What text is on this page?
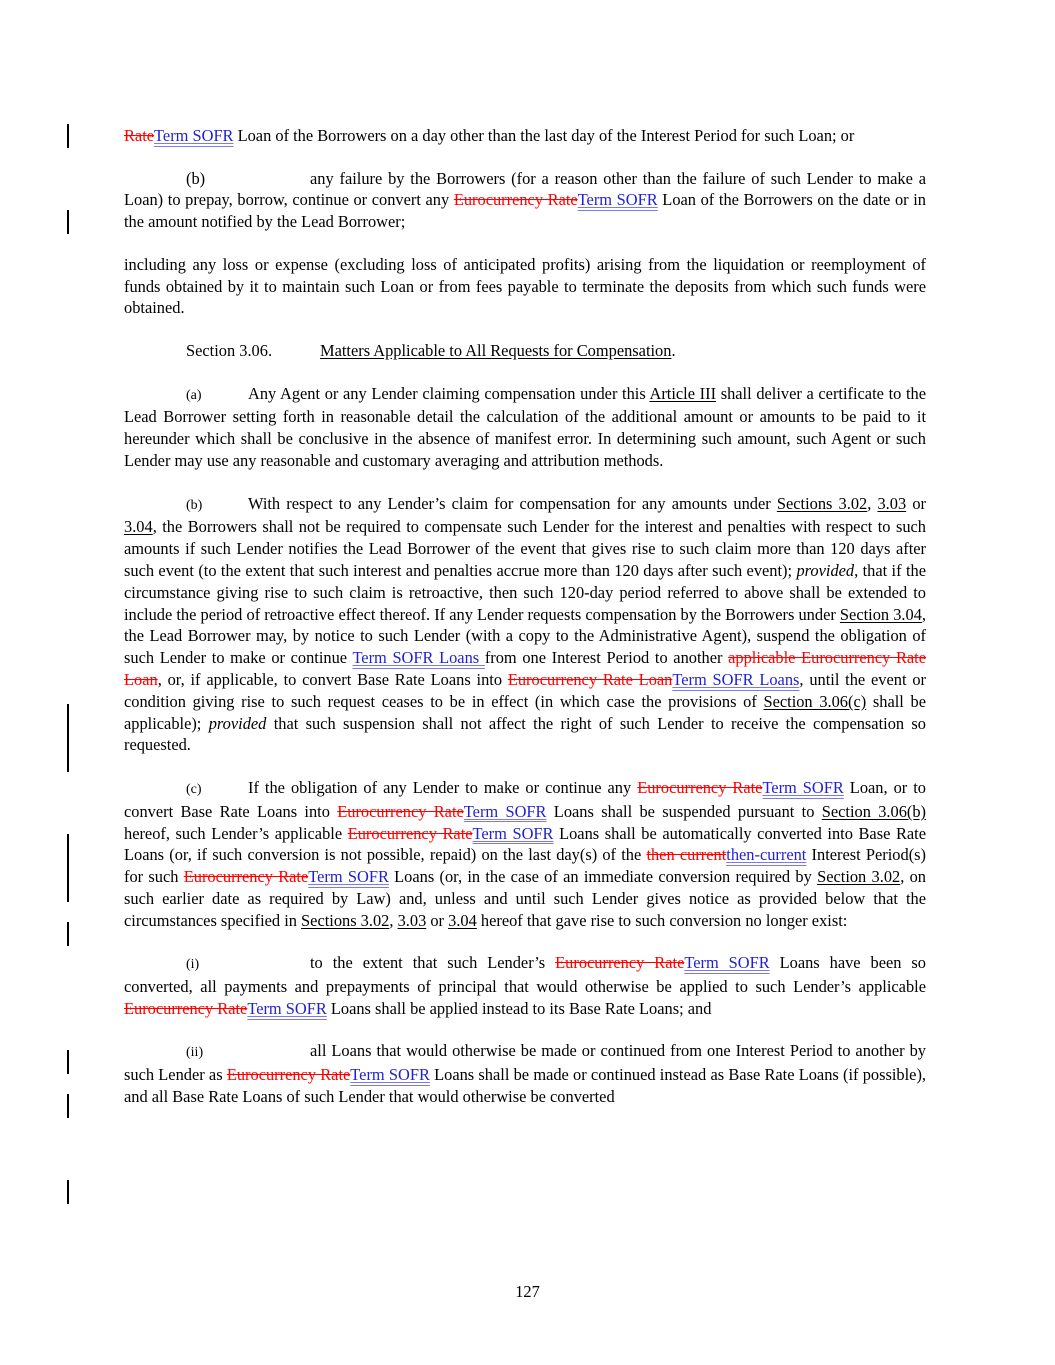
RateTerm SOFR Loan of the Borrowers on a day other than the last day of the Interest Period for such Loan; or

(b)	any failure by the Borrowers (for a reason other than the failure of such Lender to make a Loan) to prepay, borrow, continue or convert any Eurocurrency RateTerm SOFR Loan of the Borrowers on the date or in the amount notified by the Lead Borrower;

including any loss or expense (excluding loss of anticipated profits) arising from the liquidation or reemployment of funds obtained by it to maintain such Loan or from fees payable to terminate the deposits from which such funds were obtained.

Section 3.06.	Matters Applicable to All Requests for Compensation.

(a)	Any Agent or any Lender claiming compensation under this Article III shall deliver a certificate to the Lead Borrower setting forth in reasonable detail the calculation of the additional amount or amounts to be paid to it hereunder which shall be conclusive in the absence of manifest error. In determining such amount, such Agent or such Lender may use any reasonable and customary averaging and attribution methods.

(b)	With respect to any Lender’s claim for compensation for any amounts under Sections 3.02, 3.03 or 3.04, the Borrowers shall not be required to compensate such Lender for the interest and penalties with respect to such amounts if such Lender notifies the Lead Borrower of the event that gives rise to such claim more than 120 days after such event (to the extent that such interest and penalties accrue more than 120 days after such event); provided, that if the circumstance giving rise to such claim is retroactive, then such 120-day period referred to above shall be extended to include the period of retroactive effect thereof. If any Lender requests compensation by the Borrowers under Section 3.04, the Lead Borrower may, by notice to such Lender (with a copy to the Administrative Agent), suspend the obligation of such Lender to make or continue Term SOFR Loans from one Interest Period to another applicable Eurocurrency Rate Loan, or, if applicable, to convert Base Rate Loans into Eurocurrency Rate LoanTerm SOFR Loans, until the event or condition giving rise to such request ceases to be in effect (in which case the provisions of Section 3.06(c) shall be applicable); provided that such suspension shall not affect the right of such Lender to receive the compensation so requested.

(c)	If the obligation of any Lender to make or continue any Eurocurrency RateTerm SOFR Loan, or to convert Base Rate Loans into Eurocurrency RateTerm SOFR Loans shall be suspended pursuant to Section 3.06(b) hereof, such Lender’s applicable Eurocurrency RateTerm SOFR Loans shall be automatically converted into Base Rate Loans (or, if such conversion is not possible, repaid) on the last day(s) of the then currentthen-current Interest Period(s) for such Eurocurrency RateTerm SOFR Loans (or, in the case of an immediate conversion required by Section 3.02, on such earlier date as required by Law) and, unless and until such Lender gives notice as provided below that the circumstances specified in Sections 3.02, 3.03 or 3.04 hereof that gave rise to such conversion no longer exist:

(i)	to the extent that such Lender’s Eurocurrency RateTerm SOFR Loans have been so converted, all payments and prepayments of principal that would otherwise be applied to such Lender’s applicable Eurocurrency RateTerm SOFR Loans shall be applied instead to its Base Rate Loans; and

(ii)	all Loans that would otherwise be made or continued from one Interest Period to another by such Lender as Eurocurrency RateTerm SOFR Loans shall be made or continued instead as Base Rate Loans (if possible), and all Base Rate Loans of such Lender that would otherwise be converted

127
